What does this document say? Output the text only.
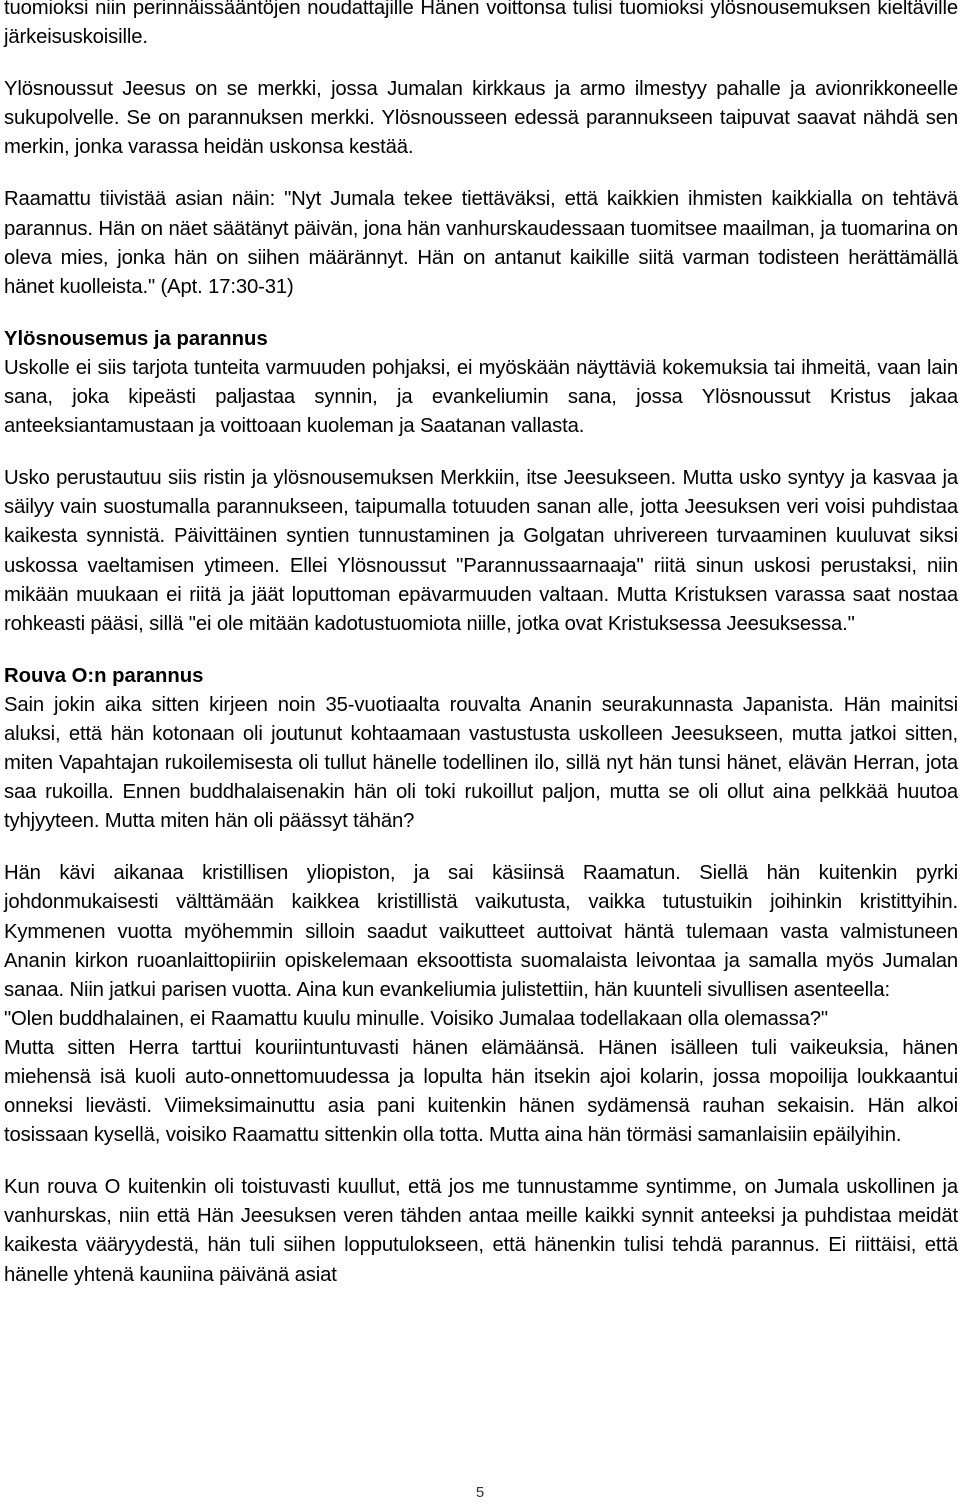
tuomioksi niin perinnäissääntöjen noudattajille Hänen voittonsa tulisi tuomioksi ylösnousemuksen kieltäville järkeisuskoisille.

Ylösnoussut Jeesus on se merkki, jossa Jumalan kirkkaus ja armo ilmestyy pahalle ja avionrikkoneelle sukupolvelle. Se on parannuksen merkki. Ylösnousseen edessä parannukseen taipuvat saavat nähdä sen merkin, jonka varassa heidän uskonsa kestää.

Raamattu tiivistää asian näin: "Nyt Jumala tekee tiettäväksi, että kaikkien ihmisten kaikkialla on tehtävä parannus. Hän on näet säätänyt päivän, jona hän vanhurskaudessaan tuomitsee maailman, ja tuomarina on oleva mies, jonka hän on siihen määrännyt. Hän on antanut kaikille siitä varman todisteen herättämällä hänet kuolleista." (Apt. 17:30-31)

Ylösnousemus ja parannus

Uskolle ei siis tarjota tunteita varmuuden pohjaksi, ei myöskään näyttäviä kokemuksia tai ihmeitä, vaan lain sana, joka kipeästi paljastaa synnin, ja evankeliumin sana, jossa Ylösnoussut Kristus jakaa anteeksiantamustaan ja voittoaan kuoleman ja Saatanan vallasta.

Usko perustautuu siis ristin ja ylösnousemuksen Merkkiin, itse Jeesukseen. Mutta usko syntyy ja kasvaa ja säilyy vain suostumalla parannukseen, taipumalla totuuden sanan alle, jotta Jeesuksen veri voisi puhdistaa kaikesta synnistä. Päivittäinen syntien tunnustaminen ja Golgatan uhrivereen turvaaminen kuuluvat siksi uskossa vaeltamisen ytimeen. Ellei Ylösnoussut "Parannussaarnaaja" riitä sinun uskosi perustaksi, niin mikään muukaan ei riitä ja jäät loputtoman epävarmuuden valtaan. Mutta Kristuksen varassa saat nostaa rohkeasti pääsi, sillä "ei ole mitään kadotustuomiota niille, jotka ovat Kristuksessa Jeesuksessa."

Rouva O:n parannus

Sain jokin aika sitten kirjeen noin 35-vuotiaalta rouvalta Ananin seurakunnasta Japanista. Hän mainitsi aluksi, että hän kotonaan oli joutunut kohtaamaan vastustusta uskolleen Jeesukseen, mutta jatkoi sitten, miten Vapahtajan rukoilemisesta oli tullut hänelle todellinen ilo, sillä nyt hän tunsi hänet, elävän Herran, jota saa rukoilla. Ennen buddhalaisenakin hän oli toki rukoillut paljon, mutta se oli ollut aina pelkkää huutoa tyhjyyteen. Mutta miten hän oli päässyt tähän?

Hän kävi aikanaa kristillisen yliopiston, ja sai käsiinsä Raamatun. Siellä hän kuitenkin pyrki johdonmukaisesti välttämään kaikkea kristillistä vaikutusta, vaikka tutustuikin joihinkin kristittyihin. Kymmenen vuotta myöhemmin silloin saadut vaikutteet auttoivat häntä tulemaan vasta valmistuneen Ananin kirkon ruoanlaittopiiriin opiskelemaan eksoottista suomalaista leivontaa ja samalla myös Jumalan sanaa. Niin jatkui parisen vuotta. Aina kun evankeliumia julistettiin, hän kuunteli sivullisen asenteella:

"Olen buddhalainen, ei Raamattu kuulu minulle. Voisiko Jumalaa todellakaan olla olemassa?"

Mutta sitten Herra tarttui kouriintuntuvasti hänen elämäänsä. Hänen isälleen tuli vaikeuksia, hänen miehensä isä kuoli auto-onnettomuudessa ja lopulta hän itsekin ajoi kolarin, jossa mopoilija loukkaantui onneksi lievästi. Viimeksimainuttu asia pani kuitenkin hänen sydämensä rauhan sekaisin. Hän alkoi tosissaan kysellä, voisiko Raamattu sittenkin olla totta. Mutta aina hän törmäsi samanlaisiin epäilyihin.

Kun rouva O kuitenkin oli toistuvasti kuullut, että jos me tunnustamme syntimme, on Jumala uskollinen ja vanhurskas, niin että Hän Jeesuksen veren tähden antaa meille kaikki synnit anteeksi ja puhdistaa meidät kaikesta vääryydestä, hän tuli siihen lopputulokseen, että hänenkin tulisi tehdä parannus. Ei riittäisi, että hänelle yhtenä kauniina päivänä asiat

5
